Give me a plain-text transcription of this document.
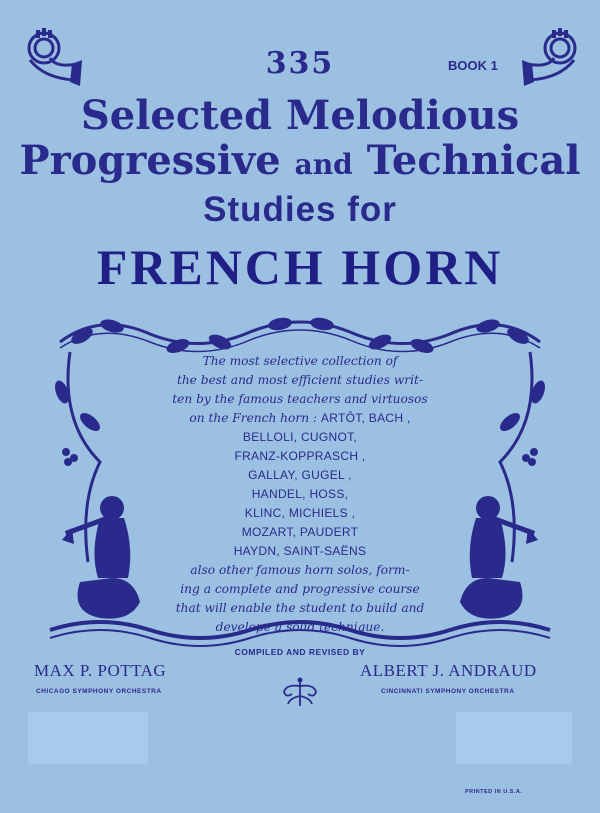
335	BOOK 1
Selected Melodious
Progressive and Technical
Studies for
FRENCH HORN
The most selective collection of
the best and most efficient studies writ-
ten by the famous teachers and virtuosos
on the French horn : ARTÔT, BACH ,
BELLOLI, CUGNOT,
FRANZ-KOPPRASCH ,
GALLAY, GUGEL ,
HANDEL, HOSS,
KLINC, MICHIELS ,
MOZART, PAUDERT
HAYDN, SAINT-SAËNS
also other famous horn solos, form-
ing a complete and progressive course
that will enable the student to build and
develope a solid technique.
COMPILED AND REVISED BY
MAX P. POTTAG
CHICAGO SYMPHONY ORCHESTRA
ALBERT J. ANDRAUD
CINCINNATI SYMPHONY ORCHESTRA
PRINTED IN U.S.A.
